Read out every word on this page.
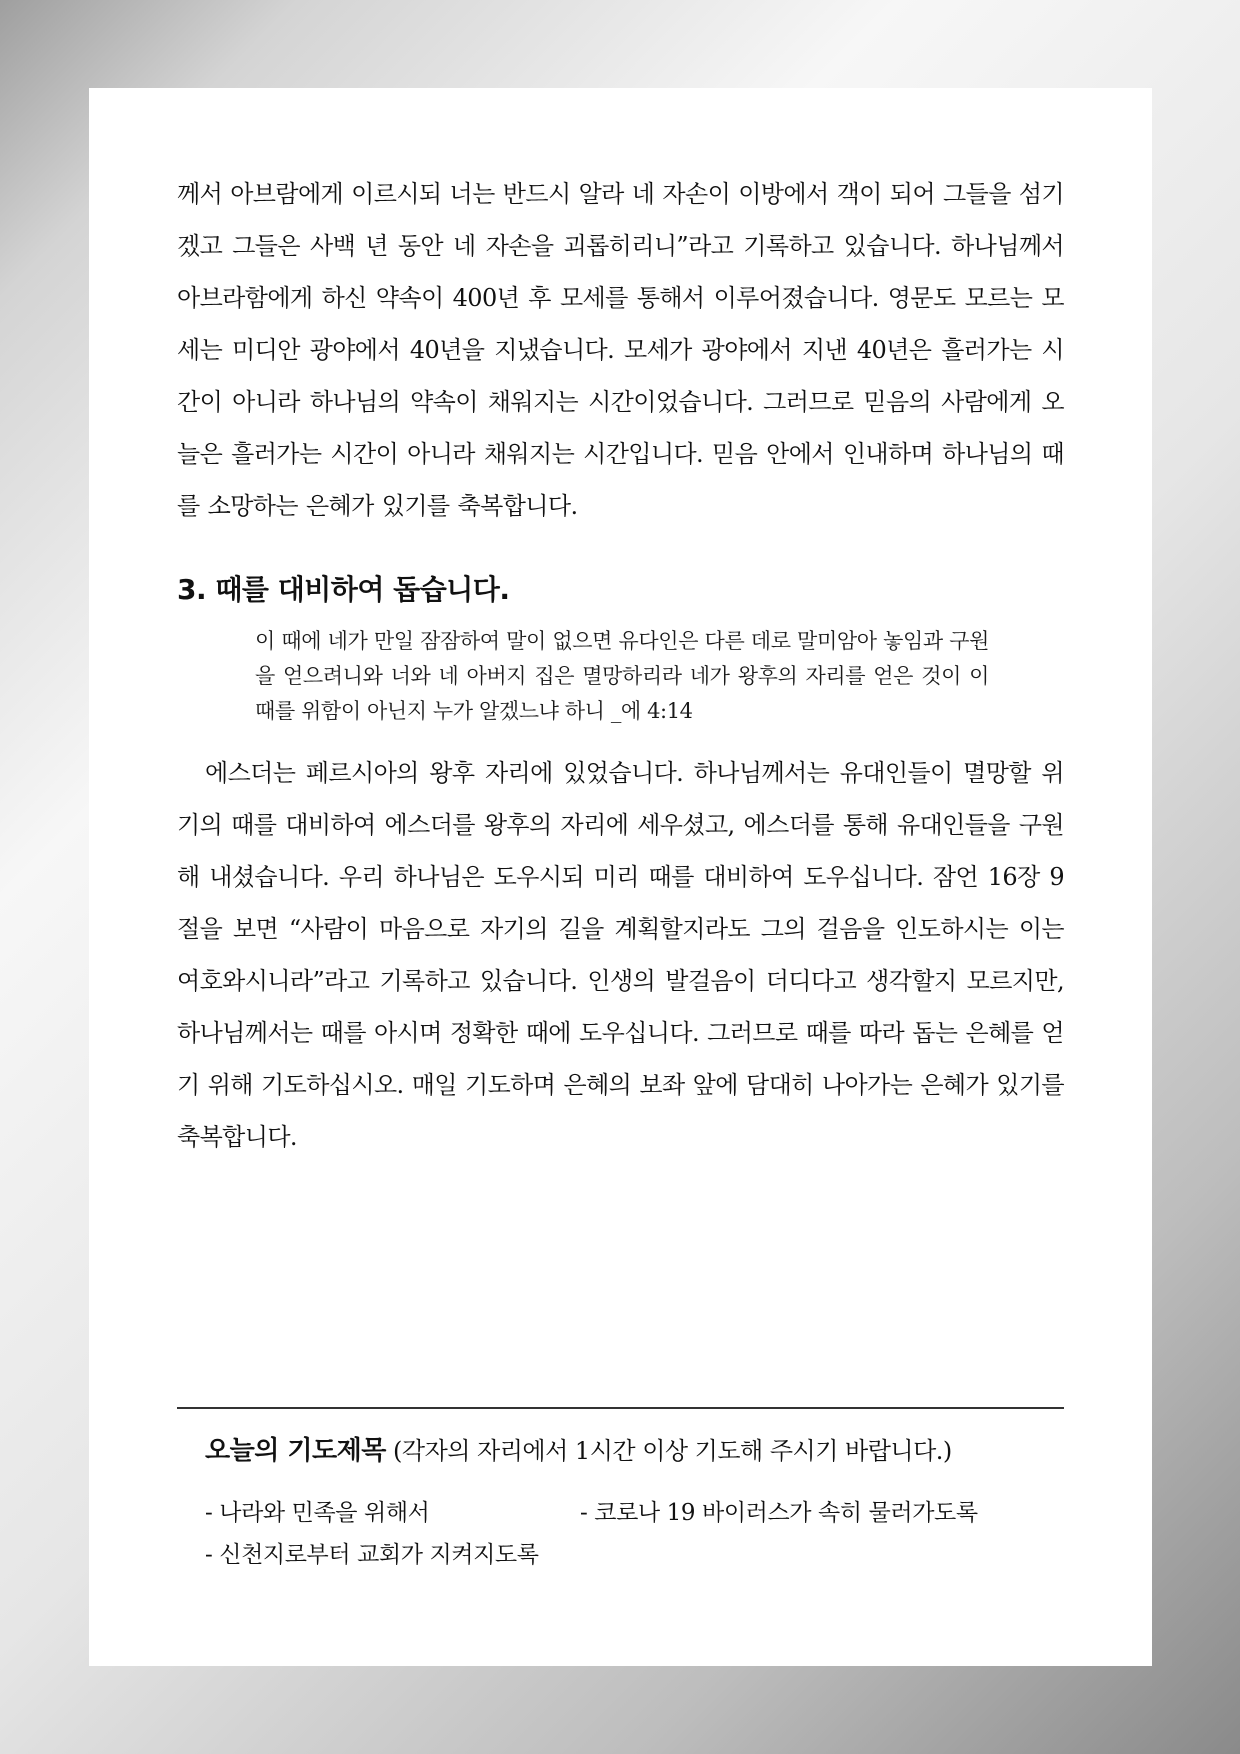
께서 아브람에게 이르시되 너는 반드시 알라 네 자손이 이방에서 객이 되어 그들을 섬기겠고 그들은 사백 년 동안 네 자손을 괴롭히리니”라고 기록하고 있습니다. 하나님께서 아브라함에게 하신 약속이 400년 후 모세를 통해서 이루어졌습니다. 영문도 모르는 모세는 미디안 광야에서 40년을 지냈습니다. 모세가 광야에서 지낸 40년은 흘러가는 시간이 아니라 하나님의 약속이 채워지는 시간이었습니다. 그러므로 믿음의 사람에게 오늘은 흘러가는 시간이 아니라 채워지는 시간입니다. 믿음 안에서 인내하며 하나님의 때를 소망하는 은혜가 있기를 축복합니다.

3. 때를 대비하여 돕습니다.
이 때에 네가 만일 잠잠하여 말이 없으면 유다인은 다른 데로 말미암아 놓임과 구원을 얻으려니와 너와 네 아버지 집은 멸망하리라 네가 왕후의 자리를 얻은 것이 이 때를 위함이 아닌지 누가 알겠느냐 하니 _에 4:14

에스더는 페르시아의 왕후 자리에 있었습니다. 하나님께서는 유대인들이 멸망할 위기의 때를 대비하여 에스더를 왕후의 자리에 세우셨고, 에스더를 통해 유대인들을 구원해 내셨습니다. 우리 하나님은 도우시되 미리 때를 대비하여 도우십니다. 잠언 16장 9절을 보면 “사람이 마음으로 자기의 길을 계획할지라도 그의 걸음을 인도하시는 이는 여호와시니라”라고 기록하고 있습니다. 인생의 발걸음이 더디다고 생각할지 모르지만, 하나님께서는 때를 아시며 정확한 때에 도우십니다. 그러므로 때를 따라 돕는 은혜를 얻기 위해 기도하십시오. 매일 기도하며 은혜의 보좌 앞에 담대히 나아가는 은혜가 있기를 축복합니다.

오늘의 기도제목 (각자의 자리에서 1시간 이상 기도해 주시기 바랍니다.)
- 나라와 민족을 위해서	- 코로나 19 바이러스가 속히 물러가도록
- 신천지로부터 교회가 지켜지도록
